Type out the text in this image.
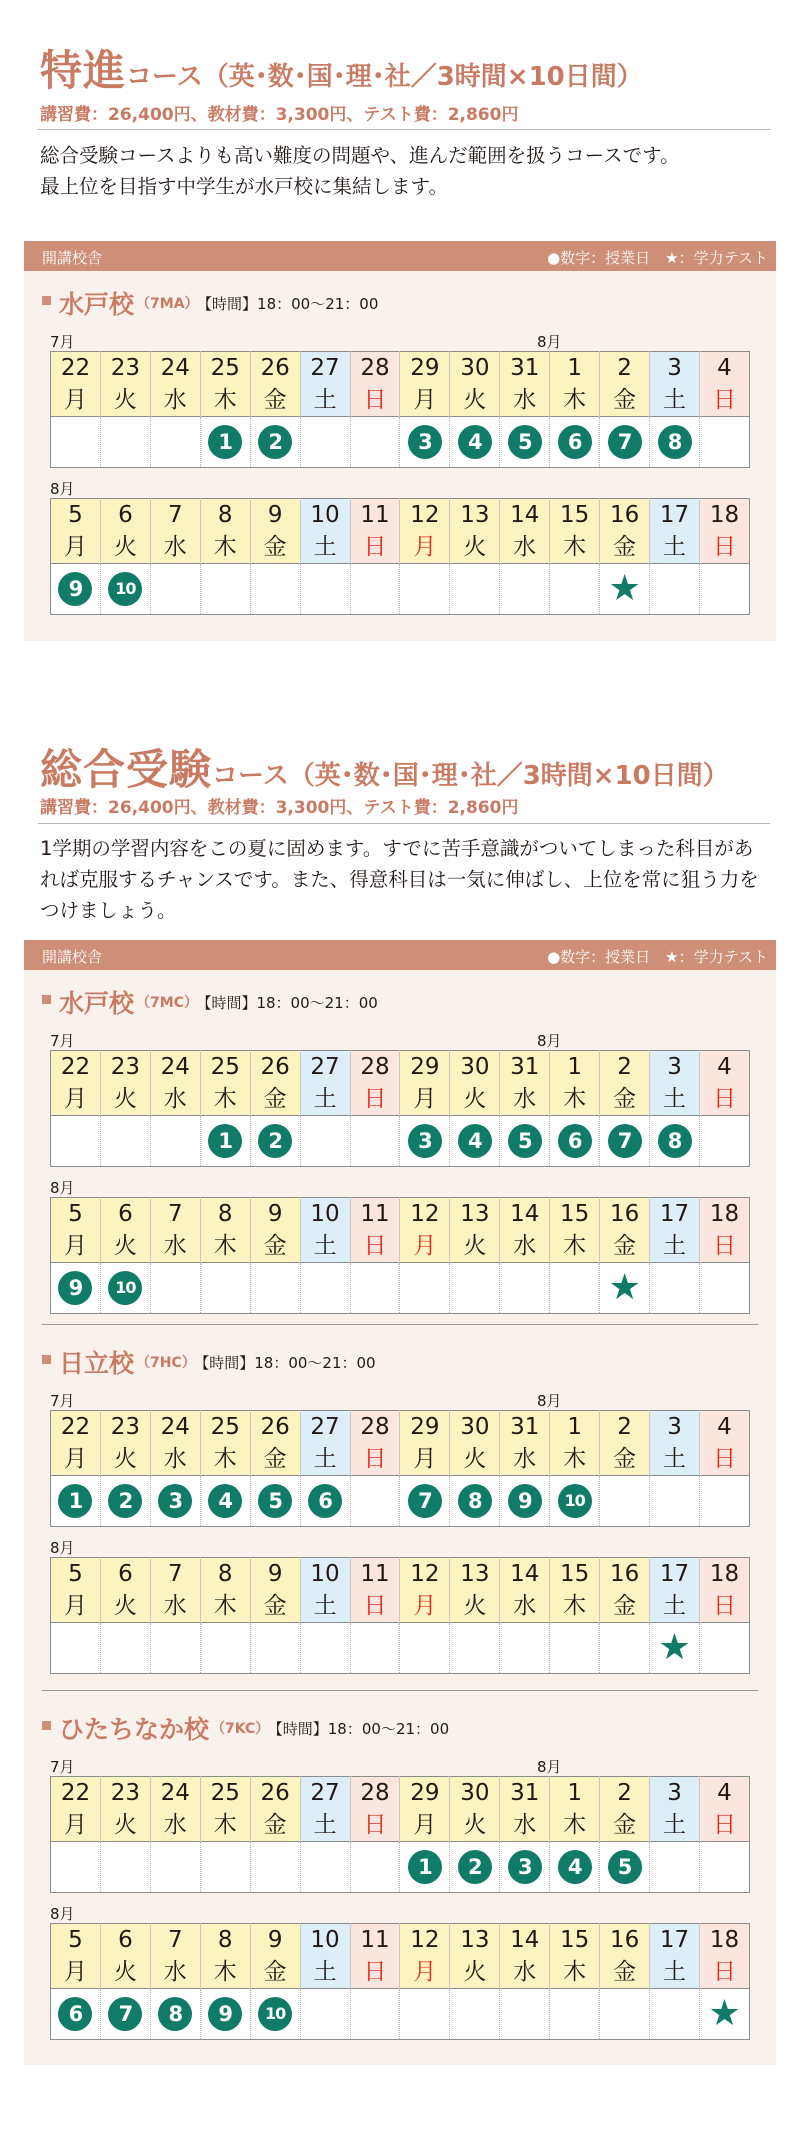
特進コース（英･数･国･理･社／3時間×10日間）
講習費：26,400円、教材費：3,300円、テスト費：2,860円

総合受験コースよりも高い難度の問題や、進んだ範囲を扱うコースです。

最上位を目指す中学生が水戸校に集結します。

開講校舎	●数字：授業日　★：学力テスト
水戸校 （7MA） 【時間】18：00～21：00
7月	8月
22	23	24	25	26	27	28	29	30	31	1	2	3	4
月	火	水	木	金	土	日	月	火	水	木	金	土	日
			1	2			3	4	5	6	7	8	
8月
5	6	7	8	9	10	11	12	13	14	15	16	17	18
月	火	水	木	金	土	日	月	火	水	木	金	土	日
9	10										★		
総合受験コース（英･数･国･理･社／3時間×10日間）
講習費：26,400円、教材費：3,300円、テスト費：2,860円

1学期の学習内容をこの夏に固めます。すでに苦手意識がついてしまった科目があれば克服するチャンスです。また、得意科目は一気に伸ばし、上位を常に狙う力をつけましょう。

開講校舎	●数字：授業日　★：学力テスト
水戸校 （7MC） 【時間】18：00～21：00
7月	8月
22	23	24	25	26	27	28	29	30	31	1	2	3	4
月	火	水	木	金	土	日	月	火	水	木	金	土	日
			1	2			3	4	5	6	7	8	
8月
5	6	7	8	9	10	11	12	13	14	15	16	17	18
月	火	水	木	金	土	日	月	火	水	木	金	土	日
9	10										★		
日立校 （7HC） 【時間】18：00～21：00
7月	8月
22	23	24	25	26	27	28	29	30	31	1	2	3	4
月	火	水	木	金	土	日	月	火	水	木	金	土	日
1	2	3	4	5	6		7	8	9	10			
8月
5	6	7	8	9	10	11	12	13	14	15	16	17	18
月	火	水	木	金	土	日	月	火	水	木	金	土	日
												★	
ひたちなか校 （7KC） 【時間】18：00～21：00
7月	8月
22	23	24	25	26	27	28	29	30	31	1	2	3	4
月	火	水	木	金	土	日	月	火	水	木	金	土	日
							1	2	3	4	5		
8月
5	6	7	8	9	10	11	12	13	14	15	16	17	18
月	火	水	木	金	土	日	月	火	水	木	金	土	日
6	7	8	9	10									★
